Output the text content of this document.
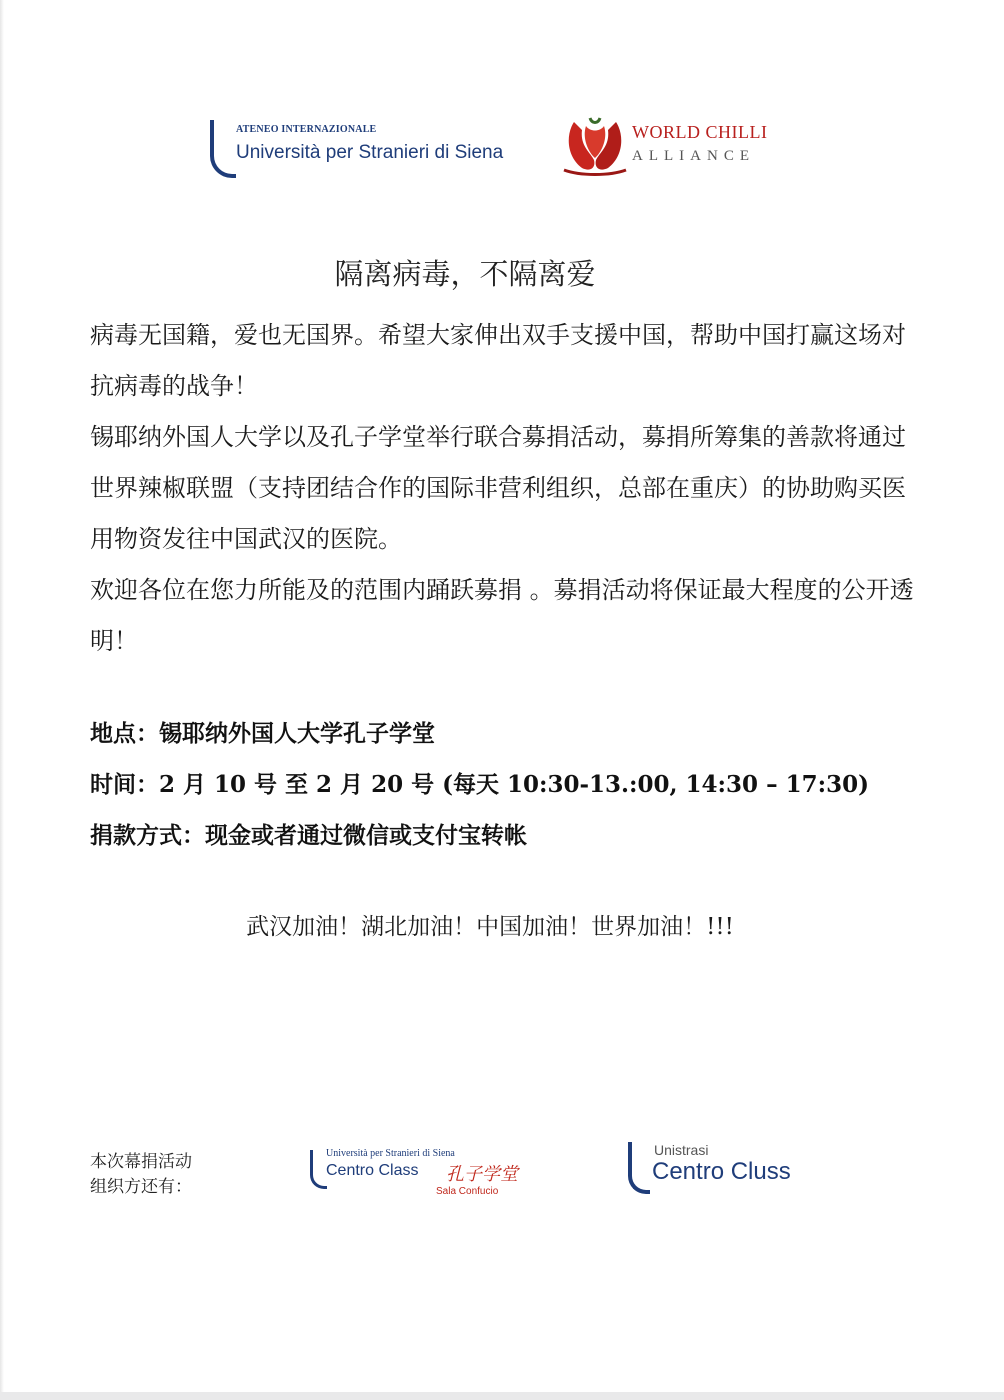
ATENEO INTERNAZIONALE
Università per Stranieri di Siena
WORLD CHILLI
ALLIANCE
隔离病毒，不隔离爱

病毒无国籍，爱也无国界。希望大家伸出双手支援中国，帮助中国打赢这场对抗病毒的战争！

锡耶纳外国人大学以及孔子学堂举行联合募捐活动，募捐所筹集的善款将通过世界辣椒联盟（支持团结合作的国际非营利组织，总部在重庆）的协助购买医用物资发往中国武汉的医院。

欢迎各位在您力所能及的范围内踊跃募捐 。募捐活动将保证最大程度的公开透明！

地点：锡耶纳外国人大学孔子学堂

时间：2 月 10 号 至 2 月 20 号 (每天 10:30-13.:00, 14:30 – 17:30)

捐款方式：现金或者通过微信或支付宝转帐

武汉加油！湖北加油！中国加油！世界加油！!!!
本次幕捐活动
组织方还有：
Università per Stranieri di Siena
Centro Class 孔子学堂
Sala Confucio
Unistrasi
Centro Cluss
